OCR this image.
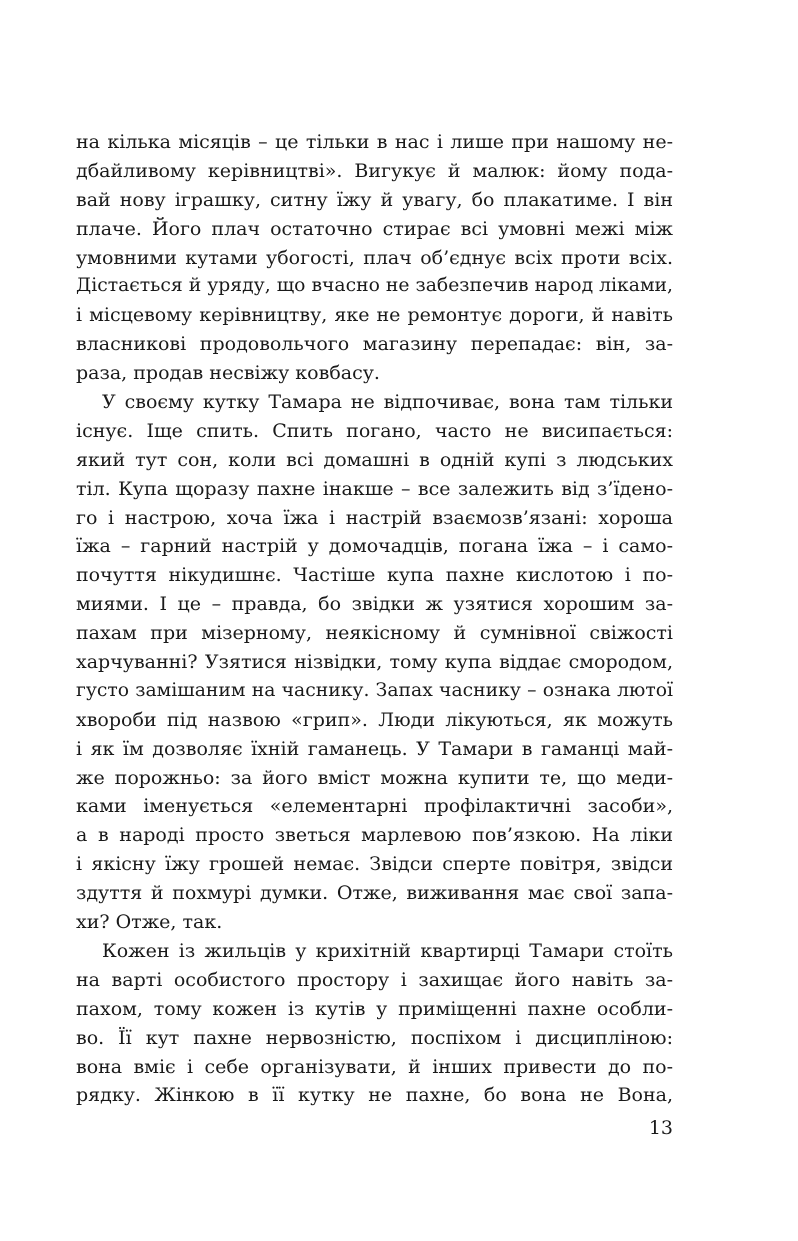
на кілька місяців – це тільки в нас і лише при нашому не-
дбайливому керівництві». Вигукує й малюк: йому пода-
вай нову іграшку, ситну їжу й увагу, бо плакатиме. І він
плаче. Його плач остаточно стирає всі умовні межі між
умовними кутами убогості, плач об’єднує всіх проти всіх.
Дістається й уряду, що вчасно не забезпечив народ ліками,
і місцевому керівництву, яке не ремонтує дороги, й навіть
власникові продовольчого магазину перепадає: він, за-
раза, продав несвіжу ковбасу.
У своєму кутку Тамара не відпочиває, вона там тільки
існує. Іще спить. Спить погано, часто не висипається:
який тут сон, коли всі домашні в одній купі з людських
тіл. Купа щоразу пахне інакше – все залежить від з’їдено-
го і настрою, хоча їжа і настрій взаємозв’язані: хороша
їжа – гарний настрій у домочадців, погана їжа – і само-
почуття нікудишнє. Частіше купа пахне кислотою і по-
миями. І це – правда, бо звідки ж узятися хорошим за-
пахам при мізерному, неякісному й сумнівної свіжості
харчуванні? Узятися нізвідки, тому купа віддає смородом,
густо замішаним на часнику. Запах часнику – ознака лютої
хвороби під назвою «грип». Люди лікуються, як можуть
і як їм дозволяє їхній гаманець. У Тамари в гаманці май-
же порожньо: за його вміст можна купити те, що меди-
ками іменується «елементарні профілактичні засоби»,
а в народі просто зветься марлевою пов’язкою. На ліки
і якісну їжу грошей немає. Звідси сперте повітря, звідси
здуття й похмурі думки. Отже, виживання має свої запа-
хи? Отже, так.
Кожен із жильців у крихітній квартирці Тамари стоїть
на варті особистого простору і захищає його навіть за-
пахом, тому кожен із кутів у приміщенні пахне особли-
во. Її кут пахне нервозністю, поспіхом і дисципліною:
вона вміє і себе організувати, й інших привести до по-
рядку. Жінкою в її кутку не пахне, бо вона не Вона,
13
